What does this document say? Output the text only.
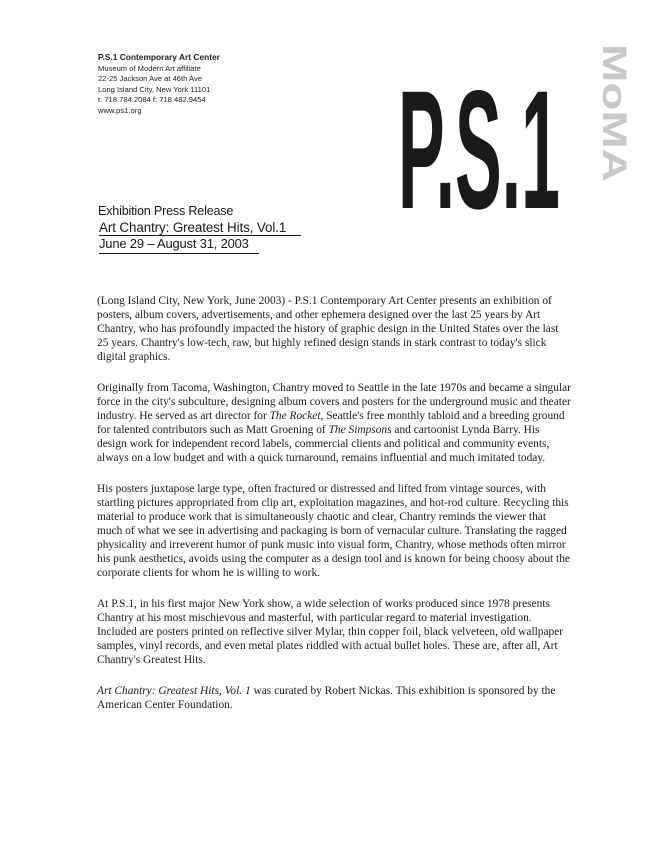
P.S.1 Contemporary Art Center
Museum of Modern Art affiliate
22-25 Jackson Ave at 46th Ave
Long Island City, New York 11101
t: 718.784.2084 f: 718.482.9454
www.ps1.org	P.S.1 MoMA
Exhibition Press Release
Art Chantry: Greatest Hits, Vol.1
June 29 – August 31, 2003

(Long Island City, New York, June 2003) - P.S.1 Contemporary Art Center presents an exhibition of posters, album covers, advertisements, and other ephemera designed over the last 25 years by Art Chantry, who has profoundly impacted the history of graphic design in the United States over the last 25 years. Chantry's low-tech, raw, but highly refined design stands in stark contrast to today's slick digital graphics.

Originally from Tacoma, Washington, Chantry moved to Seattle in the late 1970s and became a singular force in the city's subculture, designing album covers and posters for the underground music and theater industry. He served as art director for The Rocket, Seattle's free monthly tabloid and a breeding ground for talented contributors such as Matt Groening of The Simpsons and cartoonist Lynda Barry. His design work for independent record labels, commercial clients and political and community events, always on a low budget and with a quick turnaround, remains influential and much imitated today.

His posters juxtapose large type, often fractured or distressed and lifted from vintage sources, with startling pictures appropriated from clip art, exploitation magazines, and hot-rod culture. Recycling this material to produce work that is simultaneously chaotic and clear, Chantry reminds the viewer that much of what we see in advertising and packaging is born of vernacular culture. Translating the ragged physicality and irreverent humor of punk music into visual form, Chantry, whose methods often mirror his punk aesthetics, avoids using the computer as a design tool and is known for being choosy about the corporate clients for whom he is willing to work.

At P.S.1, in his first major New York show, a wide selection of works produced since 1978 presents Chantry at his most mischievous and masterful, with particular regard to material investigation. Included are posters printed on reflective silver Mylar, thin copper foil, black velveteen, old wallpaper samples, vinyl records, and even metal plates riddled with actual bullet holes. These are, after all, Art Chantry's Greatest Hits.

Art Chantry: Greatest Hits, Vol. 1 was curated by Robert Nickas. This exhibition is sponsored by the American Center Foundation.
